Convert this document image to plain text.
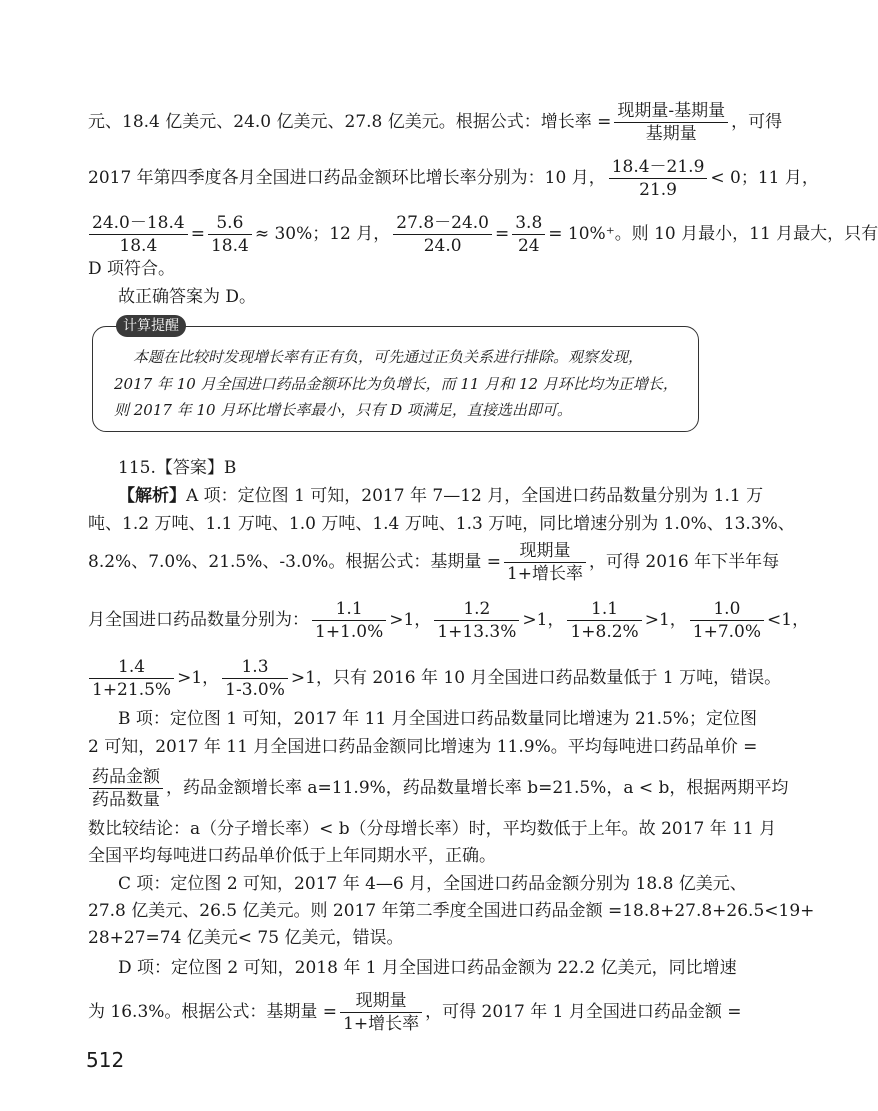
元、18.4 亿美元、24.0 亿美元、27.8 亿美元。根据公式：增长率 = $\frac{\text{现期量-基期量}}{\text{基期量}}$ ，可得
2017 年第四季度各月全国进口药品金额环比增长率分别为：10 月， $\frac{18.4-21.9}{21.9} < 0$；11 月，
$\frac{24.0-18.4}{18.4} = \frac{5.6}{18.4} \approx 30\%$；12 月， $\frac{27.8-24.0}{24.0} = \frac{3.8}{24} = 10\%^+$。则 10 月最小，11 月最大，只有
D 项符合。
故正确答案为 D。
计算提醒
本题在比较时发现增长率有正有负，可先通过正负关系进行排除。观察发现，
2017 年 10 月全国进口药品金额环比为负增长，而 11 月和 12 月环比均为正增长，
则 2017 年 10 月环比增长率最小，只有 D 项满足，直接选出即可。
115.【答案】B
【解析】A 项：定位图 1 可知，2017 年 7—12 月，全国进口药品数量分别为 1.1 万
吨、1.2 万吨、1.1 万吨、1.0 万吨、1.4 万吨、1.3 万吨，同比增速分别为 1.0%、13.3%、
8.2%、7.0%、21.5%、-3.0%。根据公式：基期量 = $\frac{\text{现期量}}{\text{1+增长率}}$ ，可得 2016 年下半年每
月全国进口药品数量分别为： $\frac{1.1}{1+1.0\%} >1$， $\frac{1.2}{1+13.3\%} >1$， $\frac{1.1}{1+8.2\%} >1$， $\frac{1.0}{1+7.0\%} <1$，
$\frac{1.4}{1+21.5\%} >1$， $\frac{1.3}{1-3.0\%} >1$，只有 2016 年 10 月全国进口药品数量低于 1 万吨，错误。
B 项：定位图 1 可知，2017 年 11 月全国进口药品数量同比增速为 21.5%；定位图
2 可知，2017 年 11 月全国进口药品金额同比增速为 11.9%。平均每吨进口药品单价 =
$\frac{\text{药品金额}}{\text{药品数量}}$ ，药品金额增长率 a=11.9%，药品数量增长率 b=21.5%，a < b，根据两期平均
数比较结论：a（分子增长率）< b（分母增长率）时，平均数低于上年。故 2017 年 11 月
全国平均每吨进口药品单价低于上年同期水平，正确。
C 项：定位图 2 可知，2017 年 4—6 月，全国进口药品金额分别为 18.8 亿美元、
27.8 亿美元、26.5 亿美元。则 2017 年第二季度全国进口药品金额 =18.8+27.8+26.5<19+
28+27=74 亿美元< 75 亿美元，错误。
D 项：定位图 2 可知，2018 年 1 月全国进口药品金额为 22.2 亿美元，同比增速
为 16.3%。根据公式：基期量 = $\frac{\text{现期量}}{\text{1+增长率}}$ ，可得 2017 年 1 月全国进口药品金额 =
512
